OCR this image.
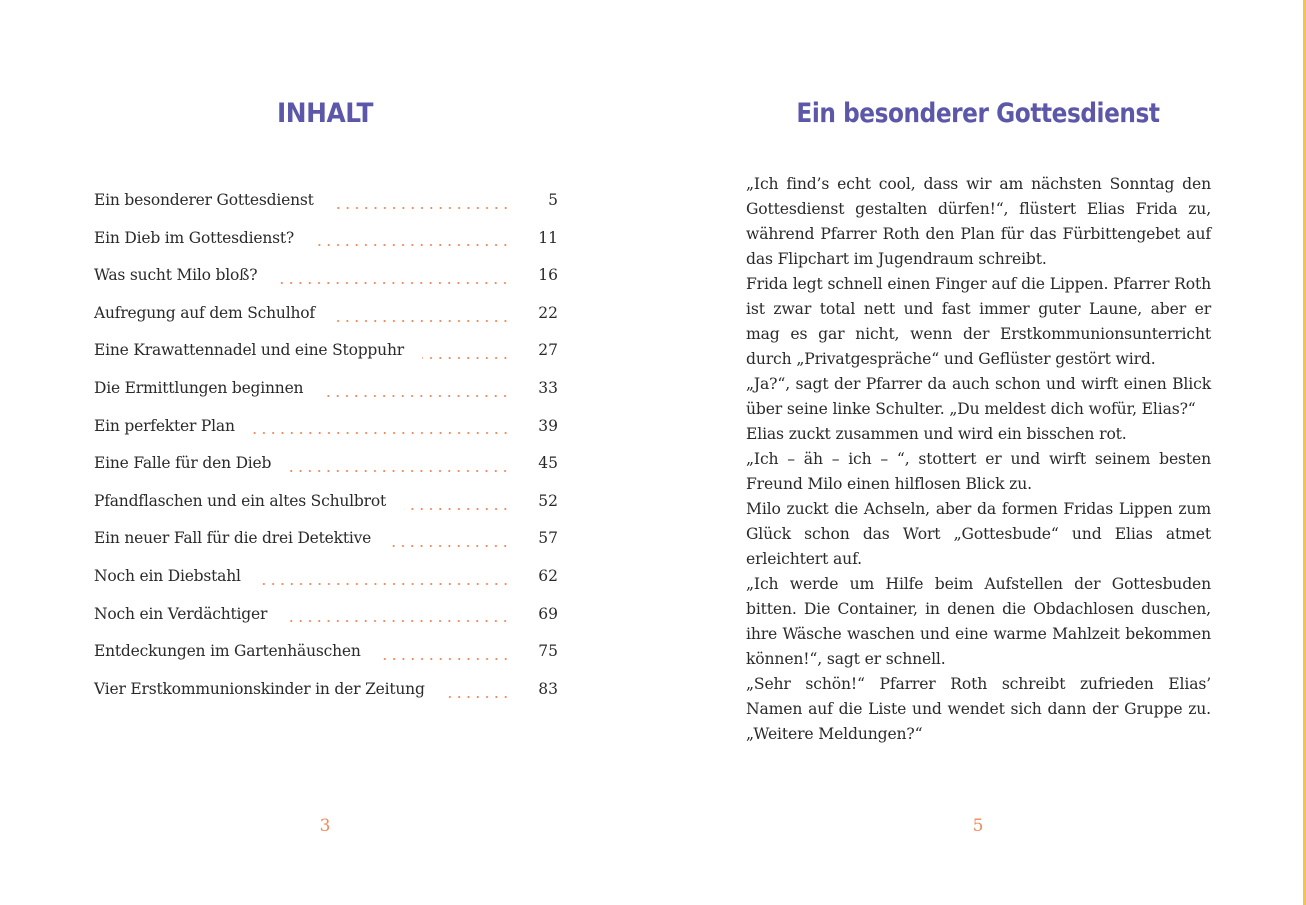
INHALT
Ein besonderer Gottesdienst	5
Ein Dieb im Gottesdienst?	11
Was sucht Milo bloß?	16
Aufregung auf dem Schulhof	22
Eine Krawattennadel und eine Stoppuhr	27
Die Ermittlungen beginnen	33
Ein perfekter Plan	39
Eine Falle für den Dieb	45
Pfandflaschen und ein altes Schulbrot	52
Ein neuer Fall für die drei Detektive	57
Noch ein Diebstahl	62
Noch ein Verdächtiger	69
Entdeckungen im Gartenhäuschen	75
Vier Erstkommunionskinder in der Zeitung	83
3
Ein besonderer Gottesdienst

„Ich find’s echt cool, dass wir am nächsten Sonntag den Gottesdienst gestalten dürfen!“, flüstert Elias Frida zu, während Pfarrer Roth den Plan für das Fürbittengebet auf das Flipchart im Jugendraum schreibt.

Frida legt schnell einen Finger auf die Lippen. Pfarrer Roth ist zwar total nett und fast immer guter Laune, aber er mag es gar nicht, wenn der Erstkommunionsunterricht durch „Privatgespräche“ und Geflüster gestört wird.

„Ja?“, sagt der Pfarrer da auch schon und wirft einen Blick über seine linke Schulter. „Du meldest dich wofür, Elias?“

Elias zuckt zusammen und wird ein bisschen rot.

„Ich – äh – ich – “, stottert er und wirft seinem besten Freund Milo einen hilflosen Blick zu.

Milo zuckt die Achseln, aber da formen Fridas Lippen zum Glück schon das Wort „Gottesbude“ und Elias atmet erleichtert auf.

„Ich werde um Hilfe beim Aufstellen der Gottesbuden bitten. Die Container, in denen die Obdachlosen duschen, ihre Wäsche waschen und eine warme Mahlzeit bekommen können!“, sagt er schnell.

„Sehr schön!“ Pfarrer Roth schreibt zufrieden Elias’ Namen auf die Liste und wendet sich dann der Gruppe zu. „Weitere Meldungen?“

5
